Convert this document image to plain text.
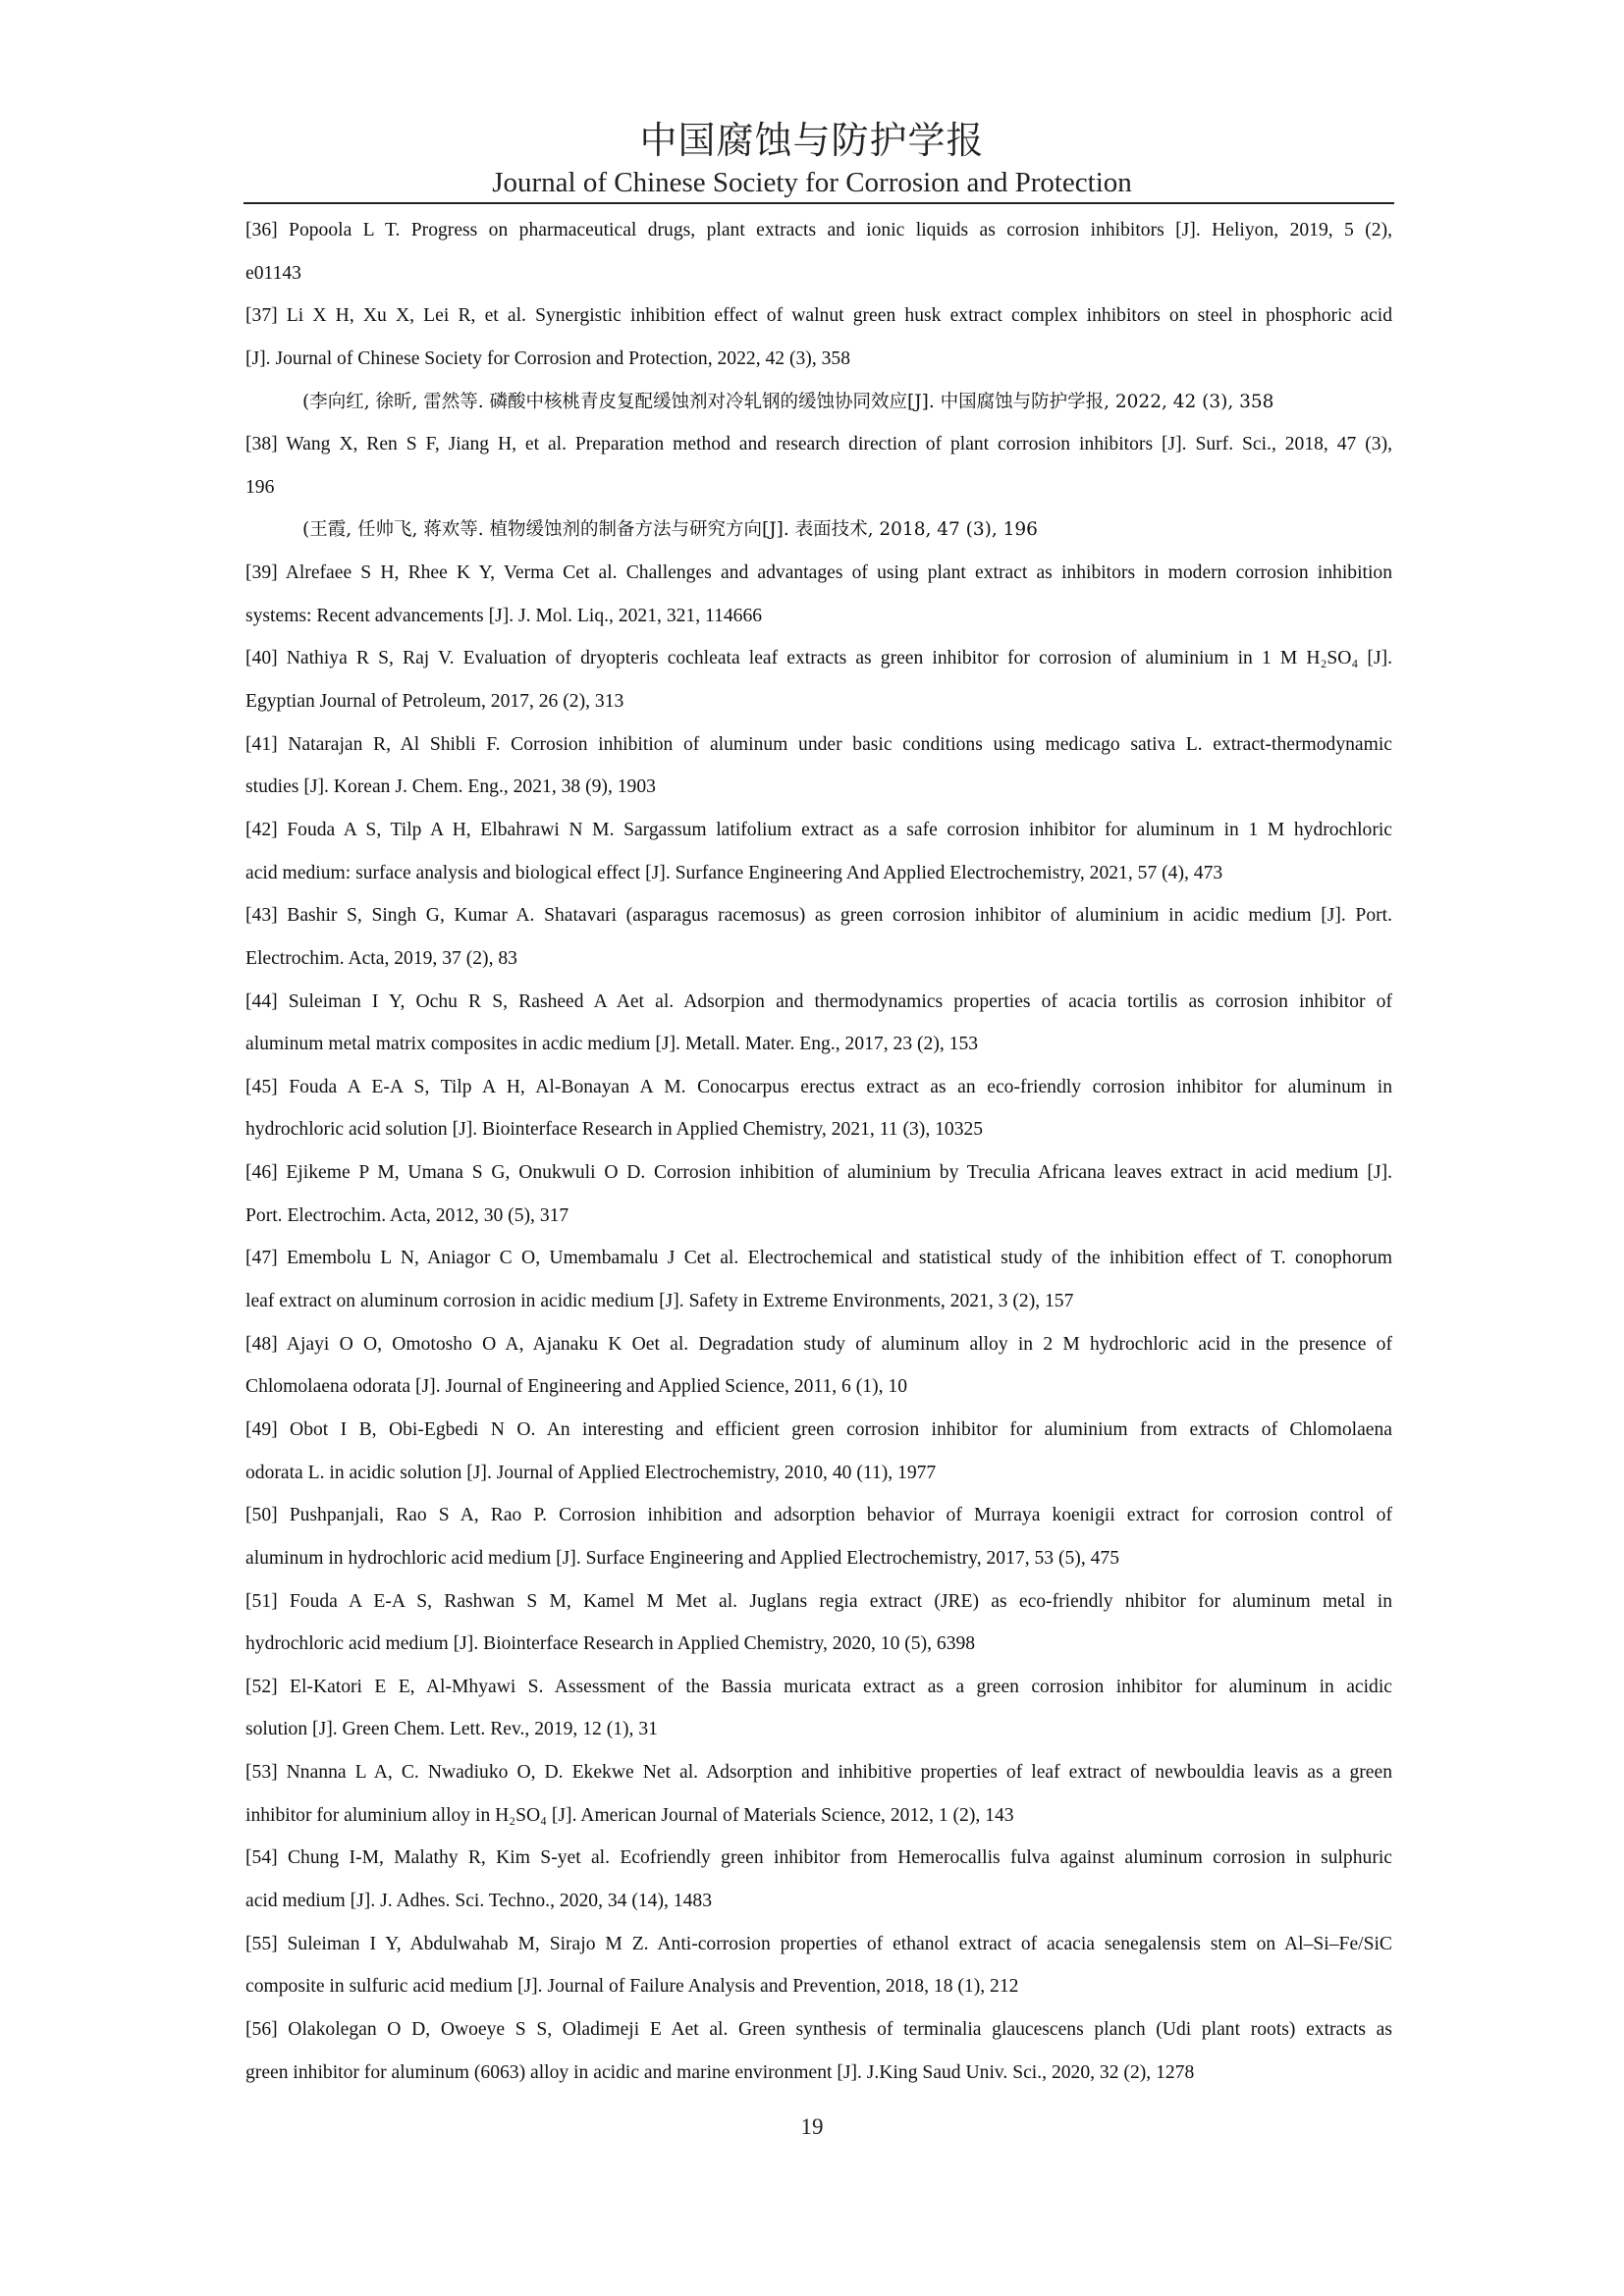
中国腐蚀与防护学报
Journal of Chinese Society for Corrosion and Protection
[36] Popoola L T. Progress on pharmaceutical drugs, plant extracts and ionic liquids as corrosion inhibitors [J]. Heliyon, 2019, 5 (2),
e01143
[37] Li X H, Xu X, Lei R, et al. Synergistic inhibition effect of walnut green husk extract complex inhibitors on steel in phosphoric acid
[J]. Journal of Chinese Society for Corrosion and Protection, 2022, 42 (3), 358
(李向红, 徐昕, 雷然等. 磷酸中核桃青皮复配缓蚀剂对冷轧钢的缓蚀协同效应[J]. 中国腐蚀与防护学报, 2022, 42 (3), 358
[38] Wang X, Ren S F, Jiang H, et al. Preparation method and research direction of plant corrosion inhibitors [J]. Surf. Sci., 2018, 47 (3),
196
(王霞, 任帅飞, 蒋欢等. 植物缓蚀剂的制备方法与研究方向[J]. 表面技术, 2018, 47 (3), 196
[39] Alrefaee S H, Rhee K Y, Verma Cet al. Challenges and advantages of using plant extract as inhibitors in modern corrosion inhibition
systems: Recent advancements [J]. J. Mol. Liq., 2021, 321, 114666
[40] Nathiya R S, Raj V. Evaluation of dryopteris cochleata leaf extracts as green inhibitor for corrosion of aluminium in 1 M H₂SO₄ [J].
Egyptian Journal of Petroleum, 2017, 26 (2), 313
[41] Natarajan R, Al Shibli F. Corrosion inhibition of aluminum under basic conditions using medicago sativa L. extract-thermodynamic
studies [J]. Korean J. Chem. Eng., 2021, 38 (9), 1903
[42] Fouda A S, Tilp A H, Elbahrawi N M. Sargassum latifolium extract as a safe corrosion inhibitor for aluminum in 1 M hydrochloric
acid medium: surface analysis and biological effect [J]. Surfance Engineering And Applied Electrochemistry, 2021, 57 (4), 473
[43] Bashir S, Singh G, Kumar A. Shatavari (asparagus racemosus) as green corrosion inhibitor of aluminium in acidic medium [J]. Port.
Electrochim. Acta, 2019, 37 (2), 83
[44] Suleiman I Y, Ochu R S, Rasheed A Aet al. Adsorpion and thermodynamics properties of acacia tortilis as corrosion inhibitor of
aluminum metal matrix composites in acdic medium [J]. Metall. Mater. Eng., 2017, 23 (2), 153
[45] Fouda A E-A S, Tilp A H, Al-Bonayan A M. Conocarpus erectus extract as an eco-friendly corrosion inhibitor for aluminum in
hydrochloric acid solution [J]. Biointerface Research in Applied Chemistry, 2021, 11 (3), 10325
[46] Ejikeme P M, Umana S G, Onukwuli O D. Corrosion inhibition of aluminium by Treculia Africana leaves extract in acid medium [J].
Port. Electrochim. Acta, 2012, 30 (5), 317
[47] Emembolu L N, Aniagor C O, Umembamalu J Cet al. Electrochemical and statistical study of the inhibition effect of T. conophorum
leaf extract on aluminum corrosion in acidic medium [J]. Safety in Extreme Environments, 2021, 3 (2), 157
[48] Ajayi O O, Omotosho O A, Ajanaku K Oet al. Degradation study of aluminum alloy in 2 M hydrochloric acid in the presence of
Chlomolaena odorata [J]. Journal of Engineering and Applied Science, 2011, 6 (1), 10
[49] Obot I B, Obi-Egbedi N O. An interesting and efficient green corrosion inhibitor for aluminium from extracts of Chlomolaena
odorata L. in acidic solution [J]. Journal of Applied Electrochemistry, 2010, 40 (11), 1977
[50] Pushpanjali, Rao S A, Rao P. Corrosion inhibition and adsorption behavior of Murraya koenigii extract for corrosion control of
aluminum in hydrochloric acid medium [J]. Surface Engineering and Applied Electrochemistry, 2017, 53 (5), 475
[51] Fouda A E-A S, Rashwan S M, Kamel M Met al. Juglans regia extract (JRE) as eco-friendly nhibitor for aluminum metal in
hydrochloric acid medium [J]. Biointerface Research in Applied Chemistry, 2020, 10 (5), 6398
[52] El-Katori E E, Al-Mhyawi S. Assessment of the Bassia muricata extract as a green corrosion inhibitor for aluminum in acidic
solution [J]. Green Chem. Lett. Rev., 2019, 12 (1), 31
[53] Nnanna L A, C. Nwadiuko O, D. Ekekwe Net al. Adsorption and inhibitive properties of leaf extract of newbouldia leavis as a green
inhibitor for aluminium alloy in H₂SO₄ [J]. American Journal of Materials Science, 2012, 1 (2), 143
[54] Chung I-M, Malathy R, Kim S-yet al. Ecofriendly green inhibitor from Hemerocallis fulva against aluminum corrosion in sulphuric
acid medium [J]. J. Adhes. Sci. Techno., 2020, 34 (14), 1483
[55] Suleiman I Y, Abdulwahab M, Sirajo M Z. Anti-corrosion properties of ethanol extract of acacia senegalensis stem on Al–Si–Fe/SiC
composite in sulfuric acid medium [J]. Journal of Failure Analysis and Prevention, 2018, 18 (1), 212
[56] Olakolegan O D, Owoeye S S, Oladimeji E Aet al. Green synthesis of terminalia glaucescens planch (Udi plant roots) extracts as
green inhibitor for aluminum (6063) alloy in acidic and marine environment [J]. J.King Saud Univ. Sci., 2020, 32 (2), 1278
19
